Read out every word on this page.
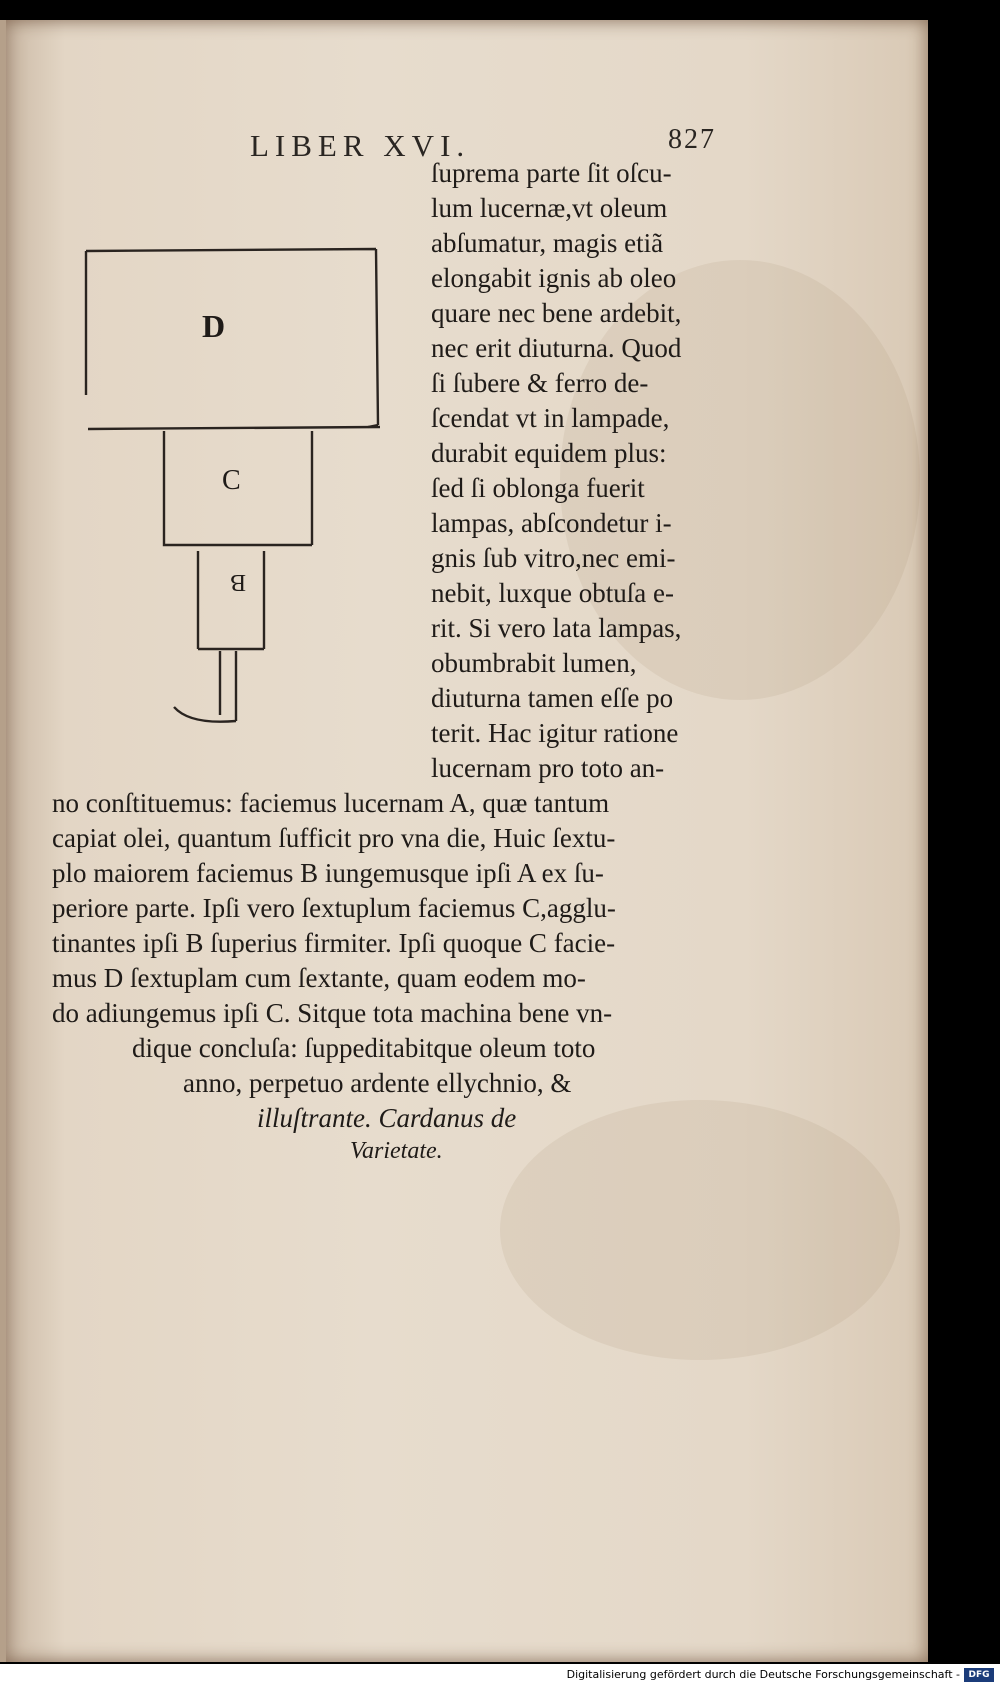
LIBER XVI.	827
D
C
B
ſuprema parte ſit oſcu-
lum lucernæ,vt oleum
abſumatur, magis etiã
elongabit ignis ab oleo
quare nec bene ardebit,
nec erit diuturna. Quod
ſi ſubere & ferro de-
ſcendat vt in lampade,
durabit equidem plus:
ſed ſi oblonga fuerit
lampas, abſcondetur i-
gnis ſub vitro,nec emi-
nebit, luxque obtuſa e-
rit. Si vero lata lampas,
obumbrabit lumen,
diuturna tamen eſſe po
terit. Hac igitur ratione
lucernam pro toto an-
no conſtituemus: faciemus lucernam A, quæ tantum
capiat olei, quantum ſufficit pro vna die, Huic ſextu-
plo maiorem faciemus B iungemusque ipſi A ex ſu-
periore parte. Ipſi vero ſextuplum faciemus C,agglu-
tinantes ipſi B ſuperius firmiter. Ipſi quoque C facie-
mus D ſextuplam cum ſextante, quam eodem mo-
do adiungemus ipſi C. Sitque tota machina bene vn-
dique concluſa: ſuppeditabitque oleum toto
anno, perpetuo ardente ellychnio, &
illuſtrante. Cardanus de
Varietate.
Digitalisierung gefördert durch die Deutsche Forschungsgemeinschaft - DFG
